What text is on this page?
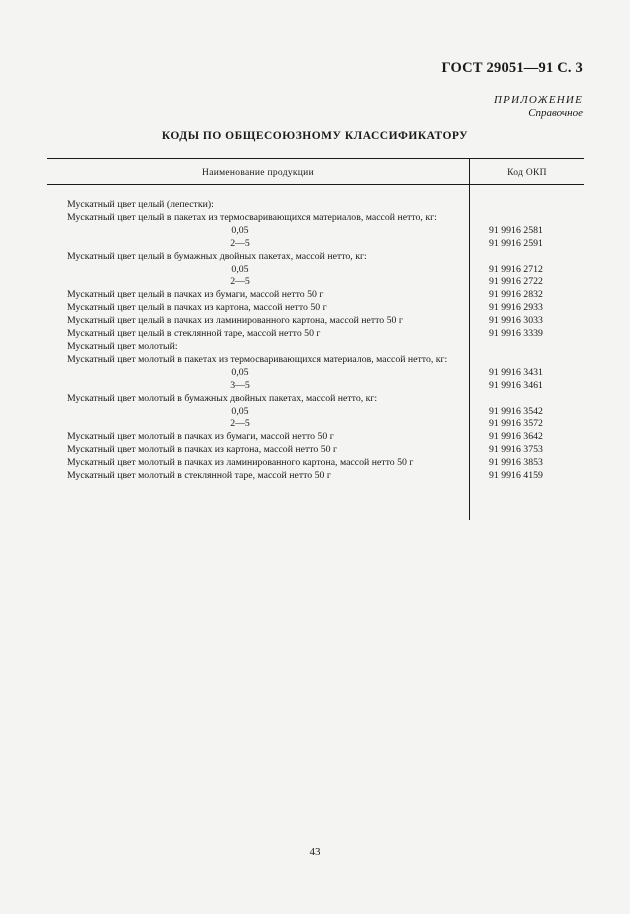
ГОСТ 29051—91 С. 3
ПРИЛОЖЕНИЕ
Справочное
КОДЫ ПО ОБЩЕСОЮЗНОМУ КЛАССИФИКАТОРУ
Наименование продукции	Код ОКП
Мускатный цвет целый (лепестки):
Мускатный цвет целый в пакетах из термосваривающихся материалов, массой нетто, кг:
0,05	91 9916 2581
2—5	91 9916 2591
Мускатный цвет целый в бумажных двойных пакетах, массой нетто, кг:
0,05	91 9916 2712
2—5	91 9916 2722
Мускатный цвет целый в пачках из бумаги, массой нетто 50 г	91 9916 2832
Мускатный цвет целый в пачках из картона, массой нетто 50 г	91 9916 2933
Мускатный цвет целый в пачках из ламинированного картона, массой нетто 50 г	91 9916 3033
Мускатный цвет целый в стеклянной таре, массой нетто 50 г	91 9916 3339
Мускатный цвет молотый:
Мускатный цвет молотый в пакетах из термосваривающихся материалов, массой нетто, кг:
0,05	91 9916 3431
3—5	91 9916 3461
Мускатный цвет молотый в бумажных двойных пакетах, массой нетто, кг:
0,05	91 9916 3542
2—5	91 9916 3572
Мускатный цвет молотый в пачках из бумаги, массой нетто 50 г	91 9916 3642
Мускатный цвет молотый в пачках из картона, массой нетто 50 г	91 9916 3753
Мускатный цвет молотый в пачках из ламинированного картона, массой нетто 50 г	91 9916 3853
Мускатный цвет молотый в стеклянной таре, массой нетто 50 г	91 9916 4159
43
